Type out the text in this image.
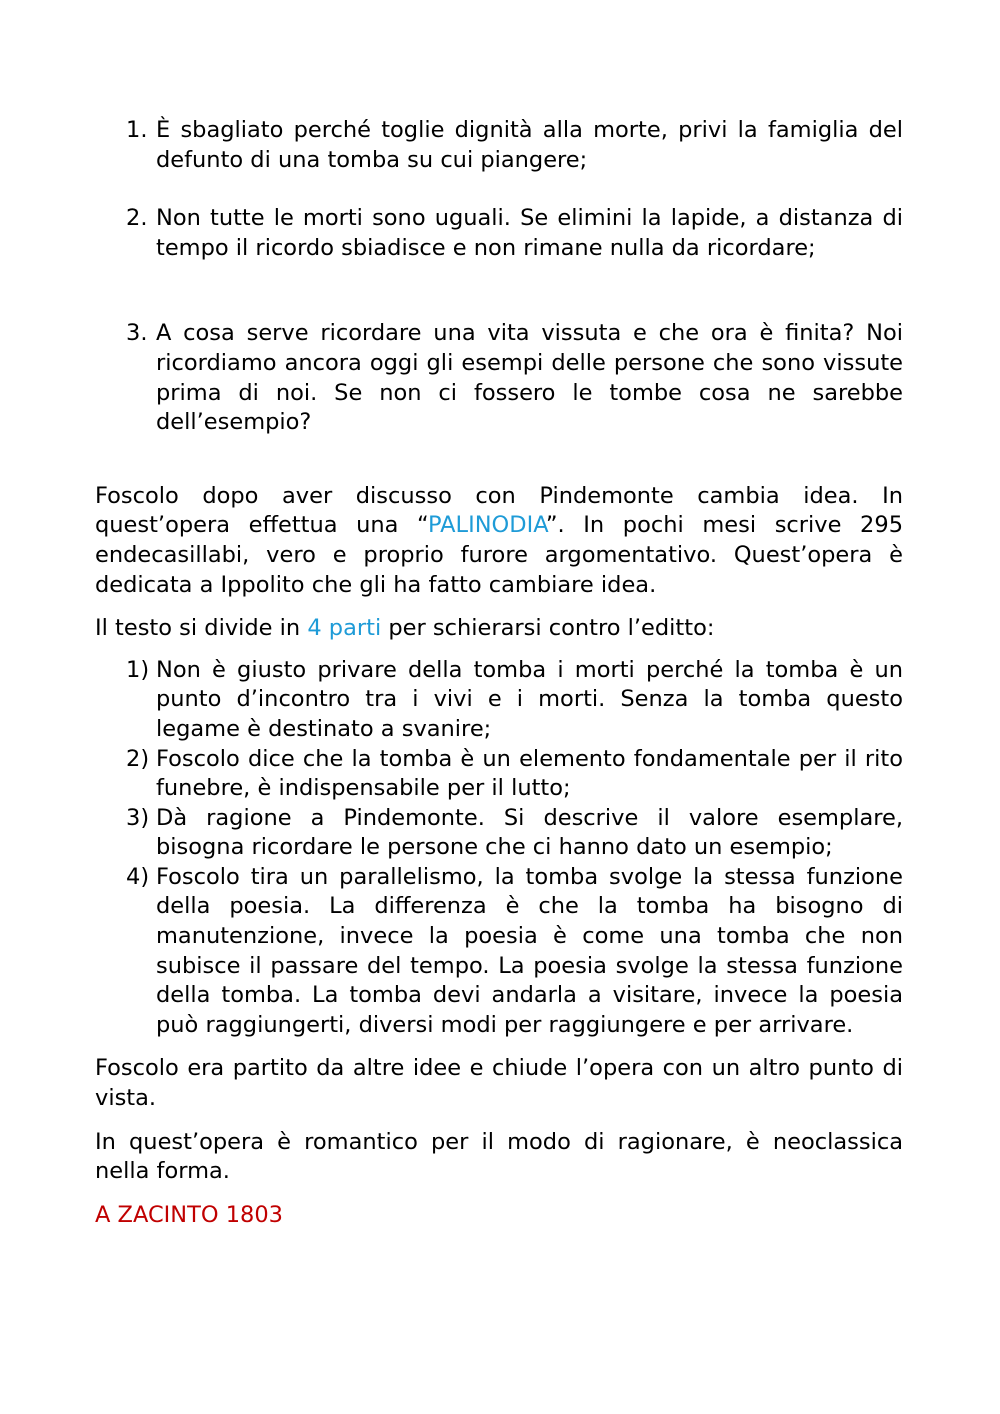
1. È sbagliato perché toglie dignità alla morte, privi la famiglia del defunto di una tomba su cui piangere;
2. Non tutte le morti sono uguali. Se elimini la lapide, a distanza di tempo il ricordo sbiadisce e non rimane nulla da ricordare;
3. A cosa serve ricordare una vita vissuta e che ora è finita? Noi ricordiamo ancora oggi gli esempi delle persone che sono vissute prima di noi. Se non ci fossero le tombe cosa ne sarebbe dell’esempio?

Foscolo dopo aver discusso con Pindemonte cambia idea. In quest’opera effettua una “PALINODIA”. In pochi mesi scrive 295 endecasillabi, vero e proprio furore argomentativo. Quest’opera è dedicata a Ippolito che gli ha fatto cambiare idea.

Il testo si divide in 4 parti per schierarsi contro l’editto:

1) Non è giusto privare della tomba i morti perché la tomba è un punto d’incontro tra i vivi e i morti. Senza la tomba questo legame è destinato a svanire;
2) Foscolo dice che la tomba è un elemento fondamentale per il rito funebre, è indispensabile per il lutto;
3) Dà ragione a Pindemonte. Si descrive il valore esemplare, bisogna ricordare le persone che ci hanno dato un esempio;
4) Foscolo tira un parallelismo, la tomba svolge la stessa funzione della poesia. La differenza è che la tomba ha bisogno di manutenzione, invece la poesia è come una tomba che non subisce il passare del tempo. La poesia svolge la stessa funzione della tomba. La tomba devi andarla a visitare, invece la poesia può raggiungerti, diversi modi per raggiungere e per arrivare.

Foscolo era partito da altre idee e chiude l’opera con un altro punto di vista.

In quest’opera è romantico per il modo di ragionare, è neoclassica nella forma.

A ZACINTO 1803
